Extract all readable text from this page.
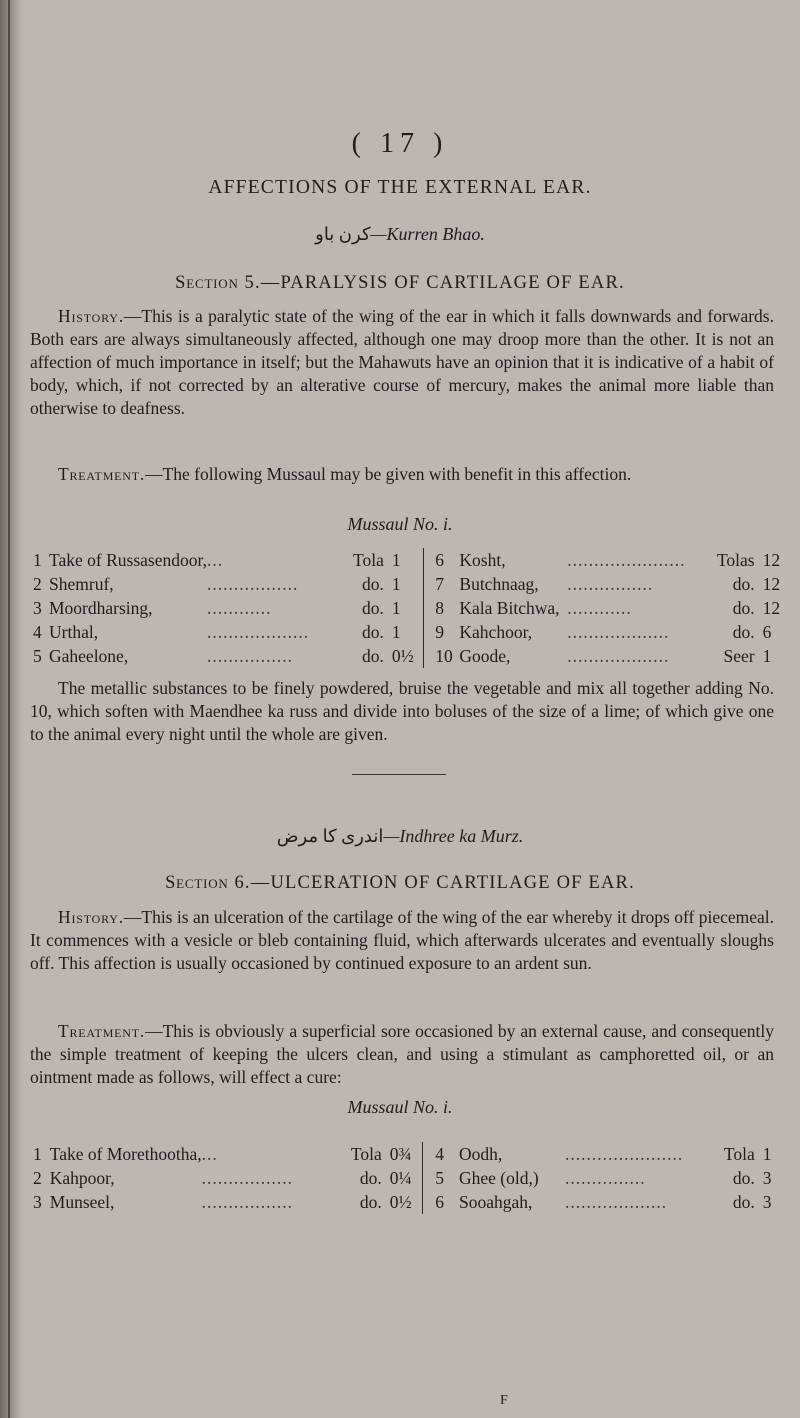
( 17 )
AFFECTIONS OF THE EXTERNAL EAR.
کرن باو—Kurren Bhao.
Section 5.—PARALYSIS OF CARTILAGE OF EAR.

History.—This is a paralytic state of the wing of the ear in which it falls downwards and forwards. Both ears are always simultaneously affected, although one may droop more than the other. It is not an affection of much importance in itself; but the Mahawuts have an opinion that it is indicative of a habit of body, which, if not corrected by an alterative course of mercury, makes the animal more liable than otherwise to deafness.

Treatment.—The following Mussaul may be given with benefit in this affection.

Mussaul No. i.
1	Take of Russasendoor,	...	Tola	1		6	Kosht,	......................	Tolas	12
2	Shemruf,	.................	do.	1		7	Butchnaag,	................	do.	12
3	Moordharsing,	............	do.	1		8	Kala Bitchwa,	............	do.	12
4	Urthal,	...................	do.	1		9	Kahchoor,	...................	do.	6
5	Gaheelone,	................	do.	0½		10	Goode,	...................	Seer	1

The metallic substances to be finely powdered, bruise the vegetable and mix all together adding No. 10, which soften with Maendhee ka russ and divide into boluses of the size of a lime; of which give one to the animal every night until the whole are given.

اندری کا مرض—Indhree ka Murz.
Section 6.—ULCERATION OF CARTILAGE OF EAR.

History.—This is an ulceration of the cartilage of the wing of the ear whereby it drops off piecemeal. It commences with a vesicle or bleb containing fluid, which afterwards ulcerates and eventually sloughs off. This affection is usually occasioned by continued exposure to an ardent sun.

Treatment.—This is obviously a superficial sore occasioned by an external cause, and consequently the simple treatment of keeping the ulcers clean, and using a stimulant as camphoretted oil, or an ointment made as follows, will effect a cure:

Mussaul No. i.
1	Take of Morethootha,	...	Tola	0¾		4	Oodh,	......................	Tola	1
2	Kahpoor,	.................	do.	0¼		5	Ghee (old,)	...............	do.	3
3	Munseel,	.................	do.	0½		6	Sooahgah,	...................	do.	3
F
